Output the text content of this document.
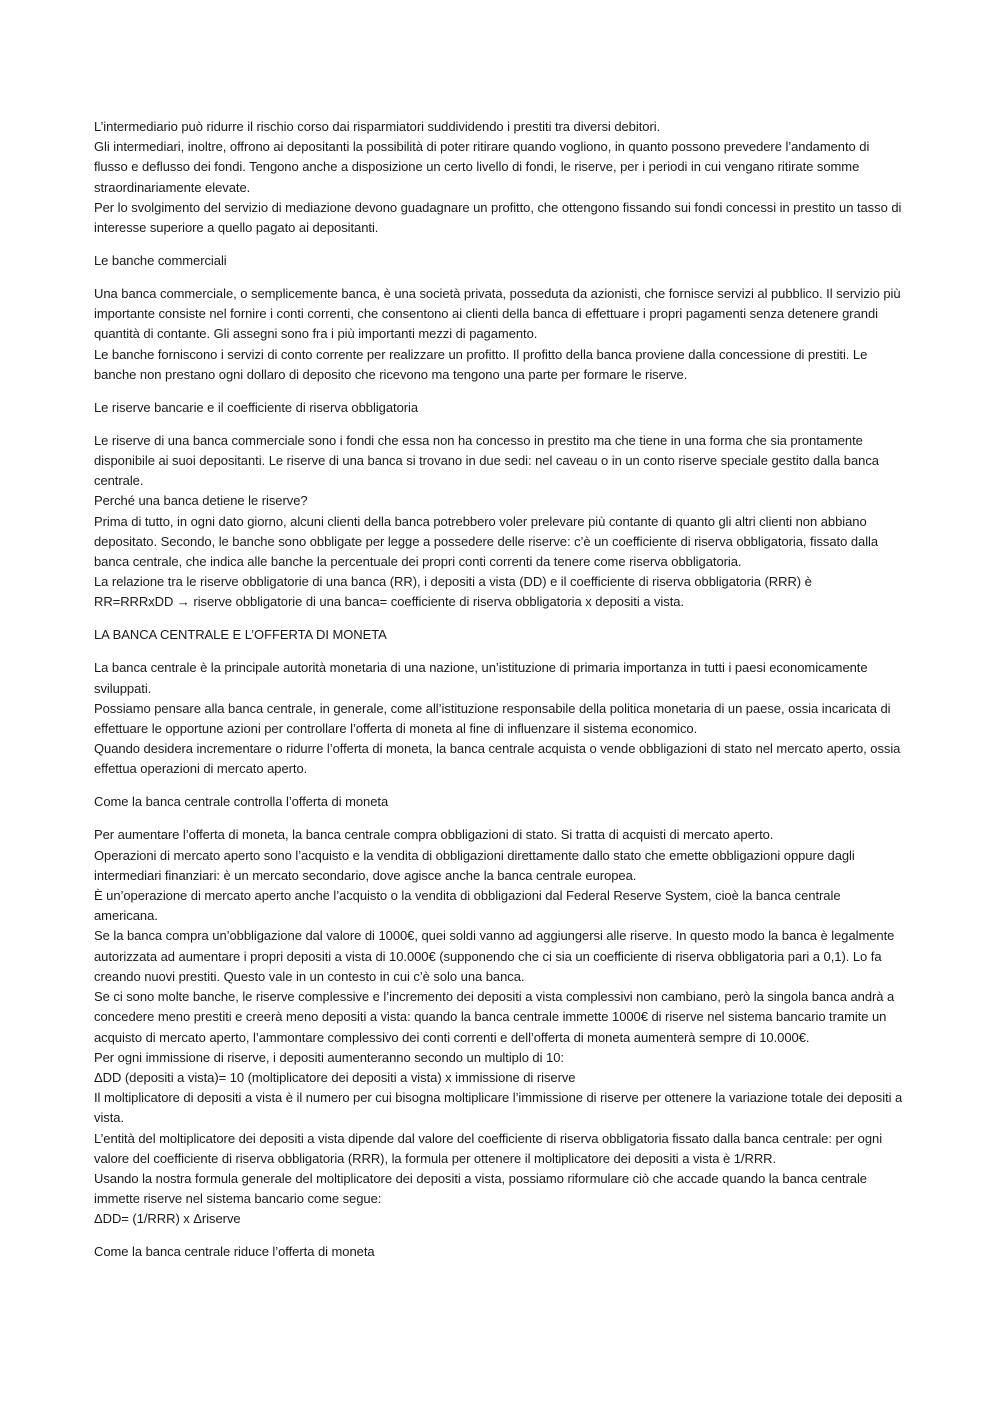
L’intermediario può ridurre il rischio corso dai risparmiatori suddividendo i prestiti tra diversi debitori.
Gli intermediari, inoltre, offrono ai depositanti la possibilità di poter ritirare quando vogliono, in quanto possono prevedere l’andamento di flusso e deflusso dei fondi. Tengono anche a disposizione un certo livello di fondi, le riserve, per i periodi in cui vengano ritirate somme straordinariamente elevate.
Per lo svolgimento del servizio di mediazione devono guadagnare un profitto, che ottengono fissando sui fondi concessi in prestito un tasso di interesse superiore a quello pagato ai depositanti.
Le banche commerciali
Una banca commerciale, o semplicemente banca, è una società privata, posseduta da azionisti, che fornisce servizi al pubblico. Il servizio più importante consiste nel fornire i conti correnti, che consentono ai clienti della banca di effettuare i propri pagamenti senza detenere grandi quantità di contante. Gli assegni sono fra i più importanti mezzi di pagamento.
Le banche forniscono i servizi di conto corrente per realizzare un profitto. Il profitto della banca proviene dalla concessione di prestiti. Le banche non prestano ogni dollaro di deposito che ricevono ma tengono una parte per formare le riserve.
Le riserve bancarie e il coefficiente di riserva obbligatoria
Le riserve di una banca commerciale sono i fondi che essa non ha concesso in prestito ma che tiene in una forma che sia prontamente disponibile ai suoi depositanti. Le riserve di una banca si trovano in due sedi: nel caveau o in un conto riserve speciale gestito dalla banca centrale.
Perché una banca detiene le riserve?
Prima di tutto, in ogni dato giorno, alcuni clienti della banca potrebbero voler prelevare più contante di quanto gli altri clienti non abbiano depositato. Secondo, le banche sono obbligate per legge a possedere delle riserve: c’è un coefficiente di riserva obbligatoria, fissato dalla banca centrale, che indica alle banche la percentuale dei propri conti correnti da tenere come riserva obbligatoria.
La relazione tra le riserve obbligatorie di una banca (RR), i depositi a vista (DD) e il coefficiente di riserva obbligatoria (RRR) è
RR=RRRxDD → riserve obbligatorie di una banca= coefficiente di riserva obbligatoria x depositi a vista.
LA BANCA CENTRALE E L’OFFERTA DI MONETA
La banca centrale è la principale autorità monetaria di una nazione, un’istituzione di primaria importanza in tutti i paesi economicamente sviluppati.
Possiamo pensare alla banca centrale, in generale, come all’istituzione responsabile della politica monetaria di un paese, ossia incaricata di effettuare le opportune azioni per controllare l’offerta di moneta al fine di influenzare il sistema economico.
Quando desidera incrementare o ridurre l’offerta di moneta, la banca centrale acquista o vende obbligazioni di stato nel mercato aperto, ossia effettua operazioni di mercato aperto.
Come la banca centrale controlla l’offerta di moneta
Per aumentare l’offerta di moneta, la banca centrale compra obbligazioni di stato. Si tratta di acquisti di mercato aperto.
Operazioni di mercato aperto sono l’acquisto e la vendita di obbligazioni direttamente dallo stato che emette obbligazioni oppure dagli intermediari finanziari: è un mercato secondario, dove agisce anche la banca centrale europea.
È un’operazione di mercato aperto anche l’acquisto o la vendita di obbligazioni dal Federal Reserve System, cioè la banca centrale americana.
Se la banca compra un’obbligazione dal valore di 1000€, quei soldi vanno ad aggiungersi alle riserve. In questo modo la banca è legalmente autorizzata ad aumentare i propri depositi a vista di 10.000€ (supponendo che ci sia un coefficiente di riserva obbligatoria pari a 0,1). Lo fa creando nuovi prestiti. Questo vale in un contesto in cui c’è solo una banca.
Se ci sono molte banche, le riserve complessive e l’incremento dei depositi a vista complessivi non cambiano, però la singola banca andrà a concedere meno prestiti e creerà meno depositi a vista: quando la banca centrale immette 1000€ di riserve nel sistema bancario tramite un acquisto di mercato aperto, l’ammontare complessivo dei conti correnti e dell’offerta di moneta aumenterà sempre di 10.000€.
Per ogni immissione di riserve, i depositi aumenteranno secondo un multiplo di 10:
ΔDD (depositi a vista)= 10 (moltiplicatore dei depositi a vista) x immissione di riserve
Il moltiplicatore di depositi a vista è il numero per cui bisogna moltiplicare l’immissione di riserve per ottenere la variazione totale dei depositi a vista.
L’entità del moltiplicatore dei depositi a vista dipende dal valore del coefficiente di riserva obbligatoria fissato dalla banca centrale: per ogni valore del coefficiente di riserva obbligatoria (RRR), la formula per ottenere il moltiplicatore dei depositi a vista è 1/RRR.
Usando la nostra formula generale del moltiplicatore dei depositi a vista, possiamo riformulare ciò che accade quando la banca centrale immette riserve nel sistema bancario come segue:
ΔDD= (1/RRR) x Δriserve
Come la banca centrale riduce l’offerta di moneta
